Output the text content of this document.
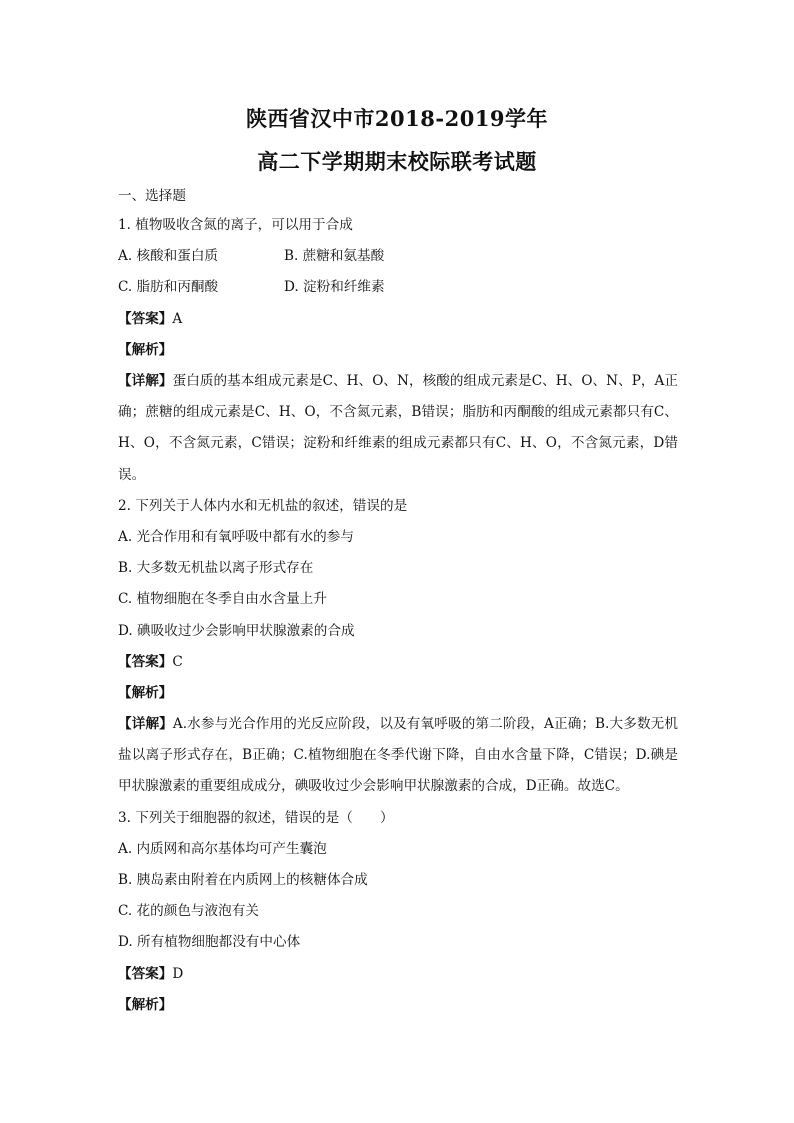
陕西省汉中市2018-2019学年
高二下学期期末校际联考试题
一、选择题
1. 植物吸收含氮的离子，可以用于合成
A. 核酸和蛋白质	B. 蔗糖和氨基酸
C. 脂肪和丙酮酸	D. 淀粉和纤维素
【答案】A
【解析】
【详解】蛋白质的基本组成元素是C、H、O、N，核酸的组成元素是C、H、O、N、P，A正确；蔗糖的组成元素是C、H、O，不含氮元素，B错误；脂肪和丙酮酸的组成元素都只有C、H、O，不含氮元素，C错误；淀粉和纤维素的组成元素都只有C、H、O，不含氮元素，D错误。
2. 下列关于人体内水和无机盐的叙述，错误的是
A. 光合作用和有氧呼吸中都有水的参与
B. 大多数无机盐以离子形式存在
C. 植物细胞在冬季自由水含量上升
D. 碘吸收过少会影响甲状腺激素的合成
【答案】C
【解析】
【详解】A.水参与光合作用的光反应阶段，以及有氧呼吸的第二阶段，A正确；B.大多数无机盐以离子形式存在，B正确；C.植物细胞在冬季代谢下降，自由水含量下降，C错误；D.碘是甲状腺激素的重要组成成分，碘吸收过少会影响甲状腺激素的合成，D正确。故选C。
3. 下列关于细胞器的叙述，错误的是（　　）
A. 内质网和高尔基体均可产生囊泡
B. 胰岛素由附着在内质网上的核糖体合成
C. 花的颜色与液泡有关
D. 所有植物细胞都没有中心体
【答案】D
【解析】
